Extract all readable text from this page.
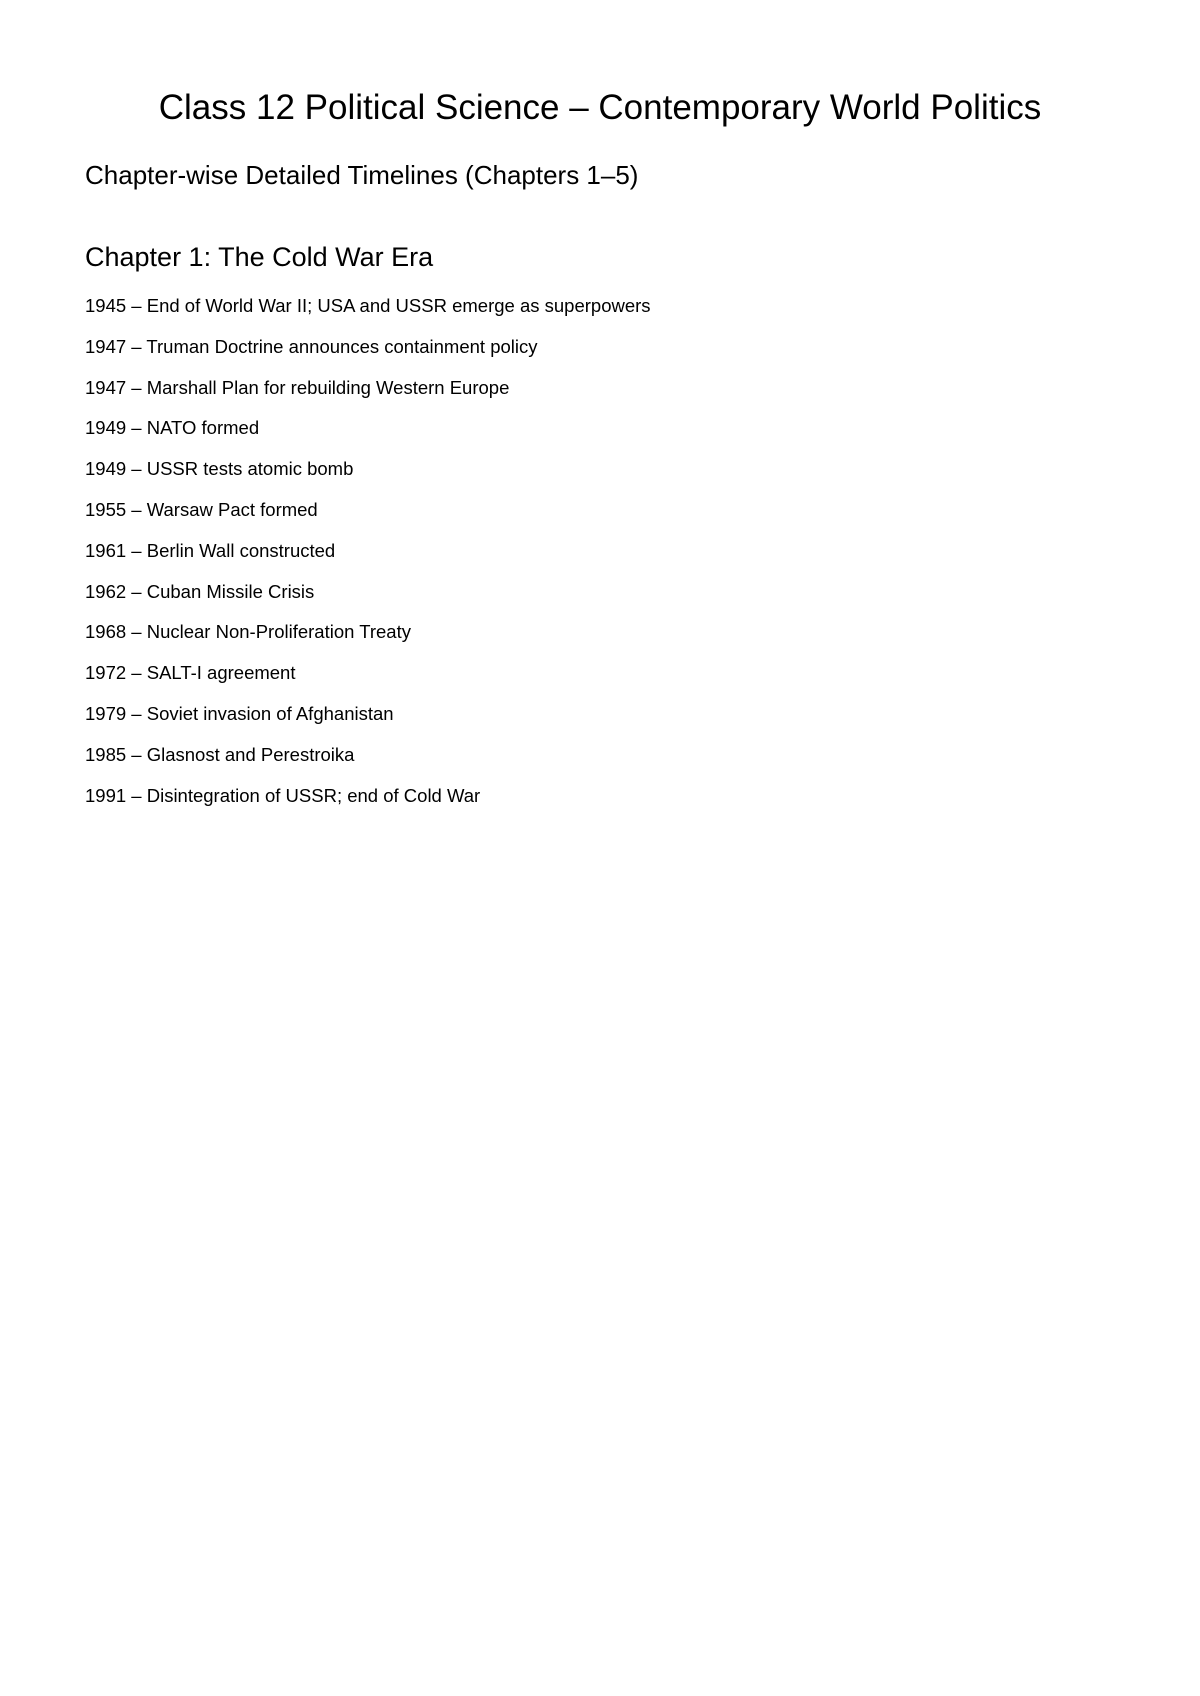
Class 12 Political Science – Contemporary World Politics
Chapter-wise Detailed Timelines (Chapters 1–5)
Chapter 1: The Cold War Era
1945 – End of World War II; USA and USSR emerge as superpowers
1947 – Truman Doctrine announces containment policy
1947 – Marshall Plan for rebuilding Western Europe
1949 – NATO formed
1949 – USSR tests atomic bomb
1955 – Warsaw Pact formed
1961 – Berlin Wall constructed
1962 – Cuban Missile Crisis
1968 – Nuclear Non-Proliferation Treaty
1972 – SALT-I agreement
1979 – Soviet invasion of Afghanistan
1985 – Glasnost and Perestroika
1991 – Disintegration of USSR; end of Cold War
